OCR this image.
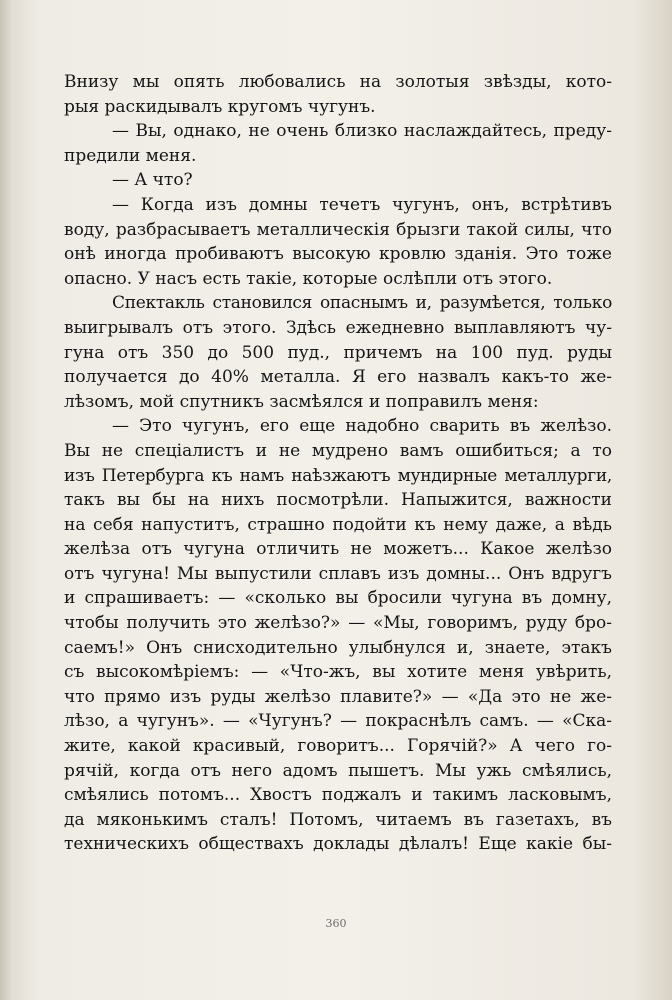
Внизу мы опять любовались на золотыя звѣзды, кото-
рыя раскидывалъ кругомъ чугунъ.
— Вы, однако, не очень близко наслаждайтесь, преду-
предили меня.
— А что?
— Когда изъ домны течетъ чугунъ, онъ, встрѣтивъ
воду, разбрасываетъ металлическія брызги такой силы, что
онѣ иногда пробиваютъ высокую кровлю зданія. Это тоже
опасно. У насъ есть такіе, которые ослѣпли отъ этого.
Спектакль становился опаснымъ и, разумѣется, только
выигрывалъ отъ этого. Здѣсь ежедневно выплавляютъ чу-
гуна отъ 350 до 500 пуд., причемъ на 100 пуд. руды
получается до 40% металла. Я его назвалъ какъ-то же-
лѣзомъ, мой спутникъ засмѣялся и поправилъ меня:
— Это чугунъ, его еще надобно сварить въ желѣзо.
Вы не спеціалистъ и не мудрено вамъ ошибиться; а то
изъ Петербурга къ намъ наѣзжаютъ мундирные металлурги,
такъ вы бы на нихъ посмотрѣли. Напыжится, важности
на себя напуститъ, страшно подойти къ нему даже, а вѣдь
желѣза отъ чугуна отличить не можетъ... Какое желѣзо
отъ чугуна! Мы выпустили сплавъ изъ домны... Онъ вдругъ
и спрашиваетъ: — «сколько вы бросили чугуна въ домну,
чтобы получить это желѣзо?» — «Мы, говоримъ, руду бро-
саемъ!» Онъ снисходительно улыбнулся и, знаете, этакъ
съ высокомѣріемъ: — «Что-жъ, вы хотите меня увѣрить,
что прямо изъ руды желѣзо плавите?» — «Да это не же-
лѣзо, а чугунъ». — «Чугунъ? — покраснѣлъ самъ. — «Ска-
жите, какой красивый, говоритъ... Горячій?» А чего го-
рячій, когда отъ него адомъ пышетъ. Мы ужь смѣялись,
смѣялись потомъ... Хвостъ поджалъ и такимъ ласковымъ,
да мяконькимъ сталъ! Потомъ, читаемъ въ газетахъ, въ
техническихъ обществахъ доклады дѣлалъ! Еще какіе бы-
360
